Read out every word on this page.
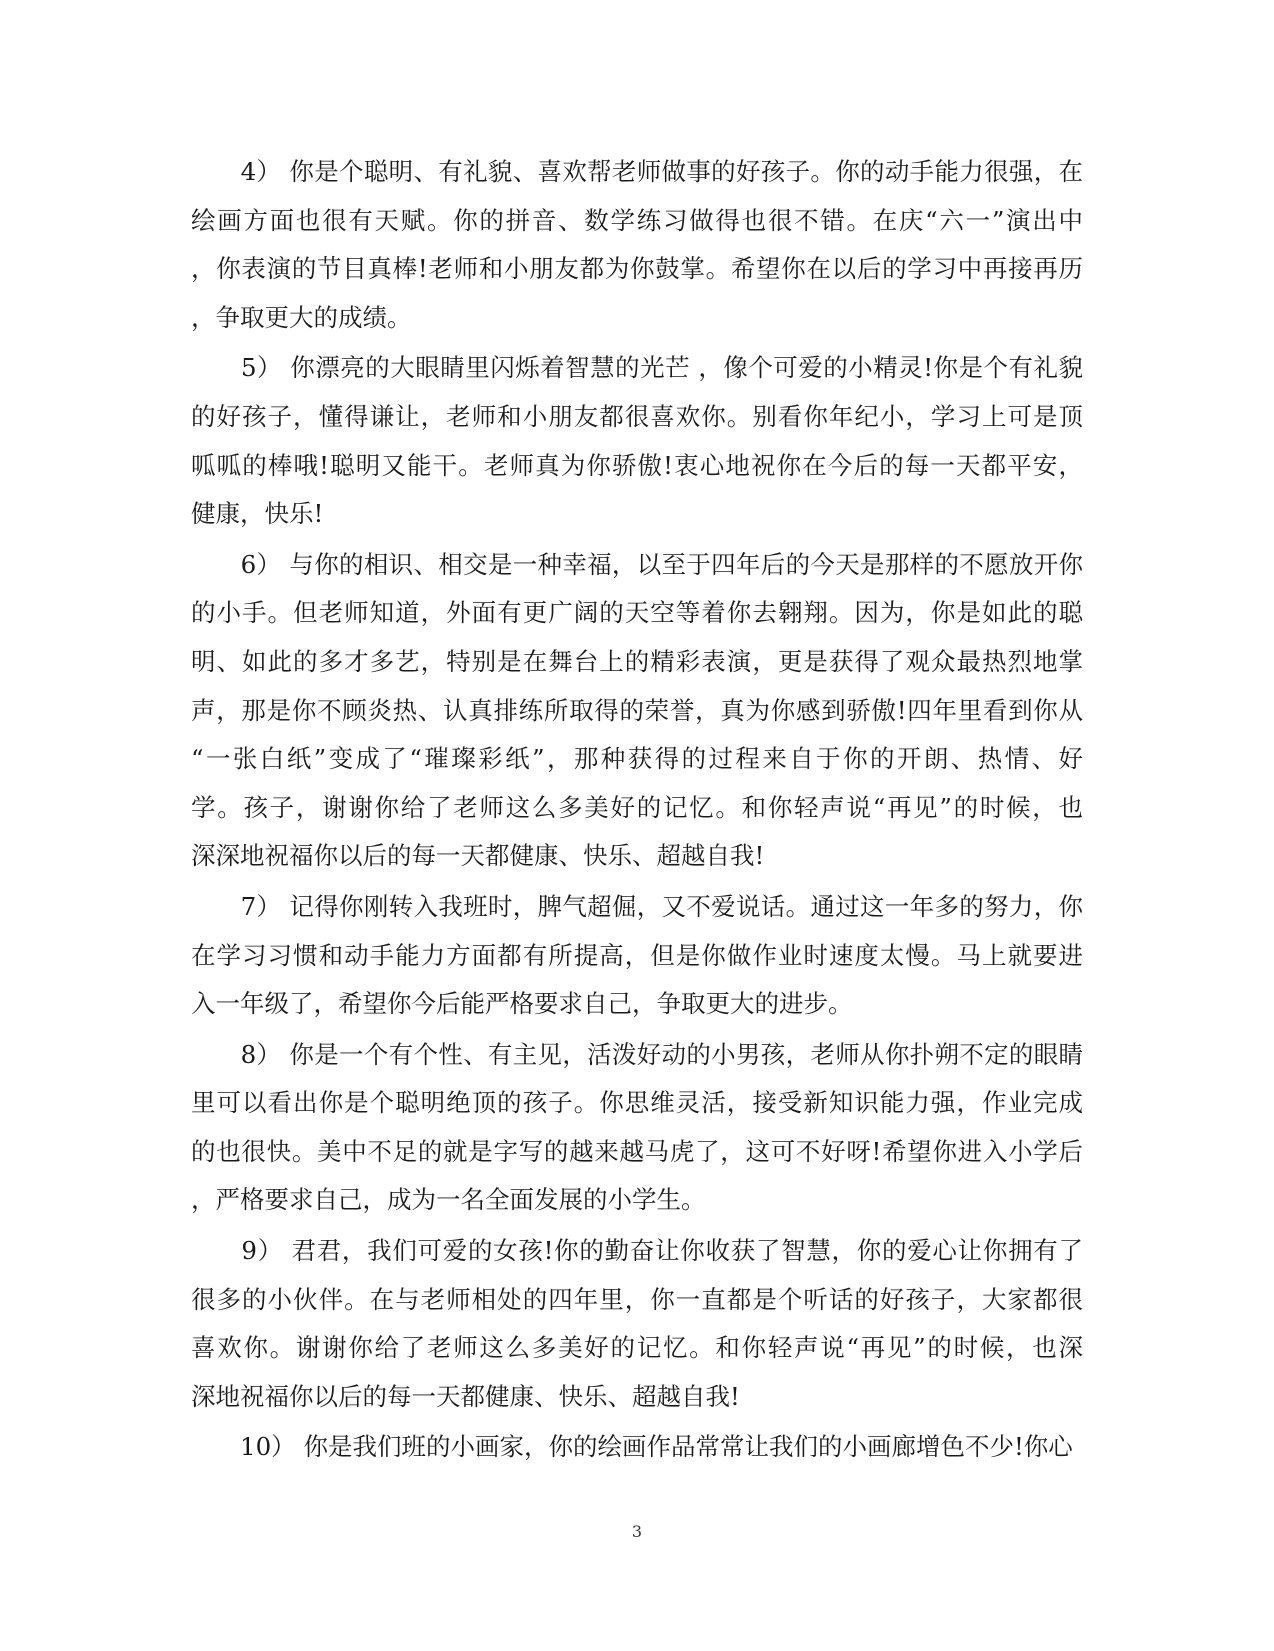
　　4） 你是个聪明、有礼貌、喜欢帮老师做事的好孩子。你的动手能力很强，在
绘画方面也很有天赋。你的拼音、数学练习做得也很不错。在庆“六一”演出中
，你表演的节目真棒!老师和小朋友都为你鼓掌。希望你在以后的学习中再接再历
，争取更大的成绩。
　　5） 你漂亮的大眼睛里闪烁着智慧的光芒 ，像个可爱的小精灵!你是个有礼貌
的好孩子，懂得谦让，老师和小朋友都很喜欢你。别看你年纪小，学习上可是顶
呱呱的棒哦!聪明又能干。老师真为你骄傲!衷心地祝你在今后的每一天都平安，
健康，快乐!
　　6） 与你的相识、相交是一种幸福，以至于四年后的今天是那样的不愿放开你
的小手。但老师知道，外面有更广阔的天空等着你去翱翔。因为，你是如此的聪
明、如此的多才多艺，特别是在舞台上的精彩表演，更是获得了观众最热烈地掌
声，那是你不顾炎热、认真排练所取得的荣誉，真为你感到骄傲!四年里看到你从
“一张白纸”变成了“璀璨彩纸”，那种获得的过程来自于你的开朗、热情、好
学。孩子，谢谢你给了老师这么多美好的记忆。和你轻声说“再见”的时候，也
深深地祝福你以后的每一天都健康、快乐、超越自我!
　　7） 记得你刚转入我班时，脾气超倔，又不爱说话。通过这一年多的努力，你
在学习习惯和动手能力方面都有所提高，但是你做作业时速度太慢。马上就要进
入一年级了，希望你今后能严格要求自己，争取更大的进步。
　　8） 你是一个有个性、有主见，活泼好动的小男孩，老师从你扑朔不定的眼睛
里可以看出你是个聪明绝顶的孩子。你思维灵活，接受新知识能力强，作业完成
的也很快。美中不足的就是字写的越来越马虎了，这可不好呀!希望你进入小学后
，严格要求自己，成为一名全面发展的小学生。
　　9） 君君，我们可爱的女孩!你的勤奋让你收获了智慧，你的爱心让你拥有了
很多的小伙伴。在与老师相处的四年里，你一直都是个听话的好孩子，大家都很
喜欢你。谢谢你给了老师这么多美好的记忆。和你轻声说“再见”的时候，也深
深地祝福你以后的每一天都健康、快乐、超越自我!
　　10） 你是我们班的小画家，你的绘画作品常常让我们的小画廊增色不少!你心
3
